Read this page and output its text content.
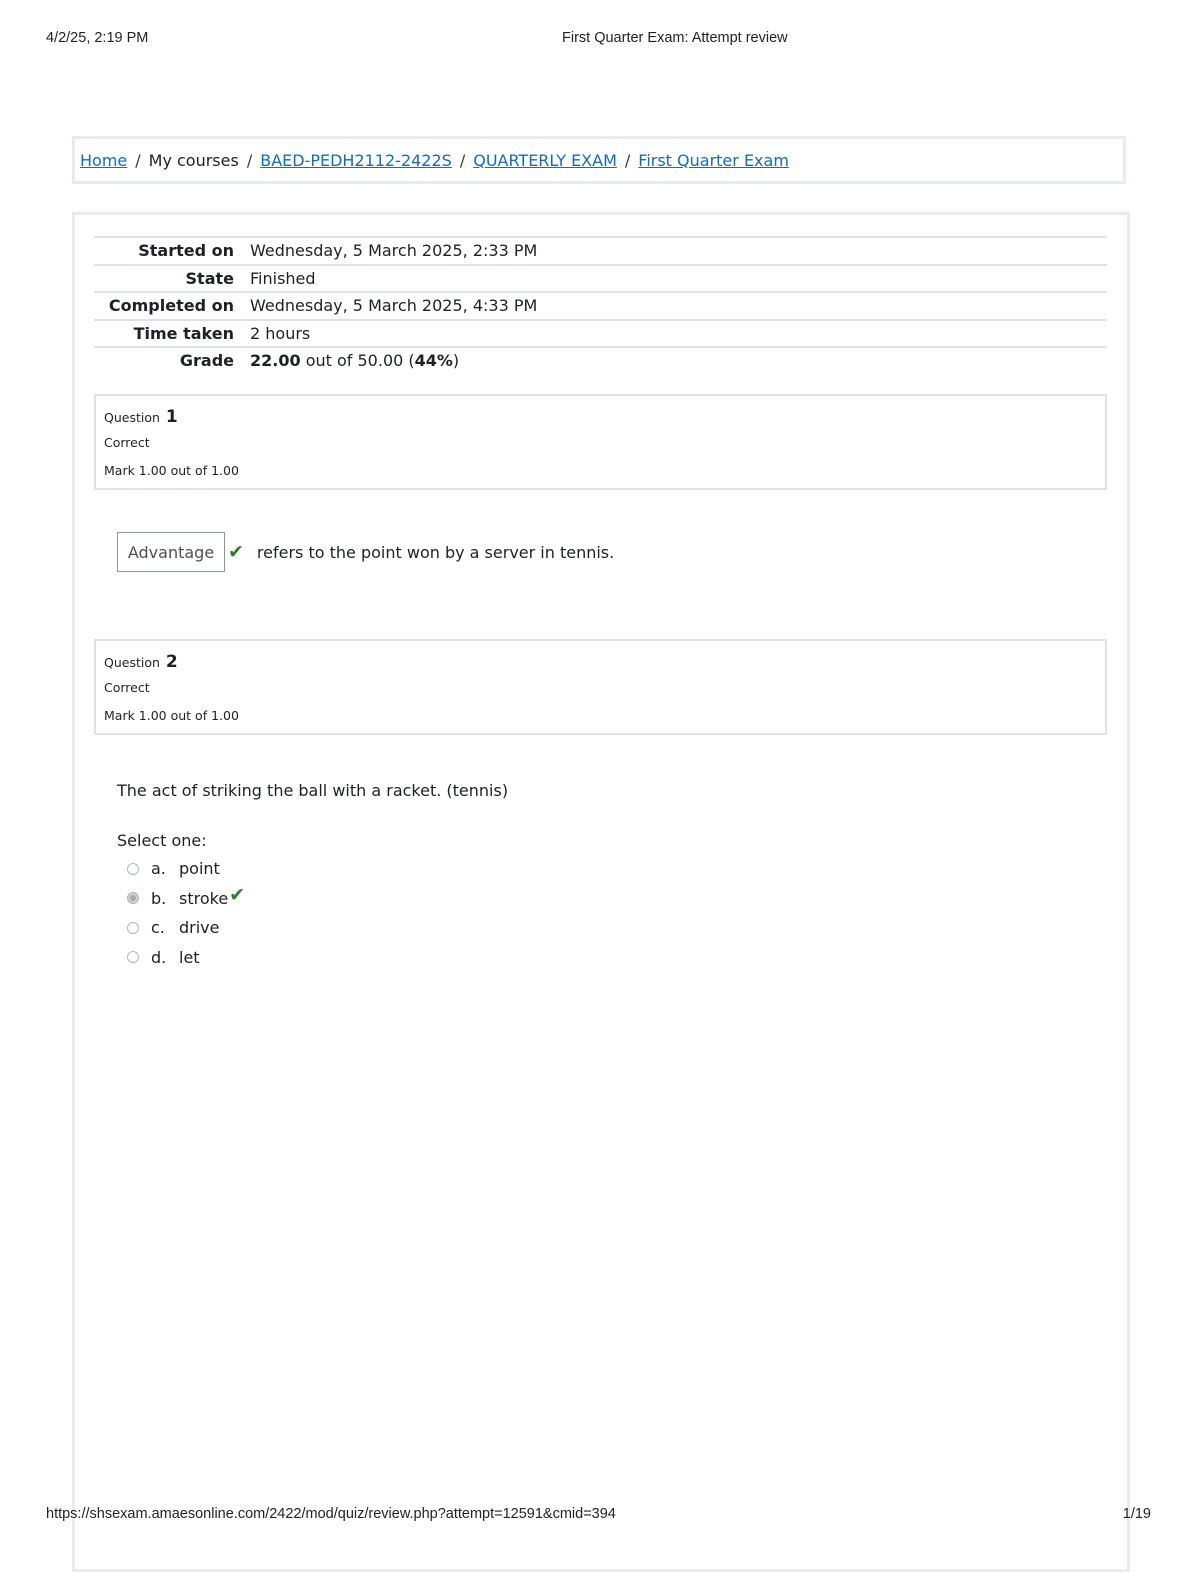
4/2/25, 2:19 PM	First Quarter Exam: Attempt review
Home / My courses / BAED-PEDH2112-2422S / QUARTERLY EXAM / First Quarter Exam
Started on	Wednesday, 5 March 2025, 2:33 PM
State	Finished
Completed on	Wednesday, 5 March 2025, 4:33 PM
Time taken	2 hours
Grade	22.00 out of 50.00 (44%)
Question 1
Correct
Mark 1.00 out of 1.00
Advantage ✔ refers to the point won by a server in tennis.
Question 2
Correct
Mark 1.00 out of 1.00
The act of striking the ball with a racket. (tennis)
Select one:
a. point
b. stroke ✔
c. drive
d. let
https://shsexam.amaesonline.com/2422/mod/quiz/review.php?attempt=12591&cmid=394	1/19
